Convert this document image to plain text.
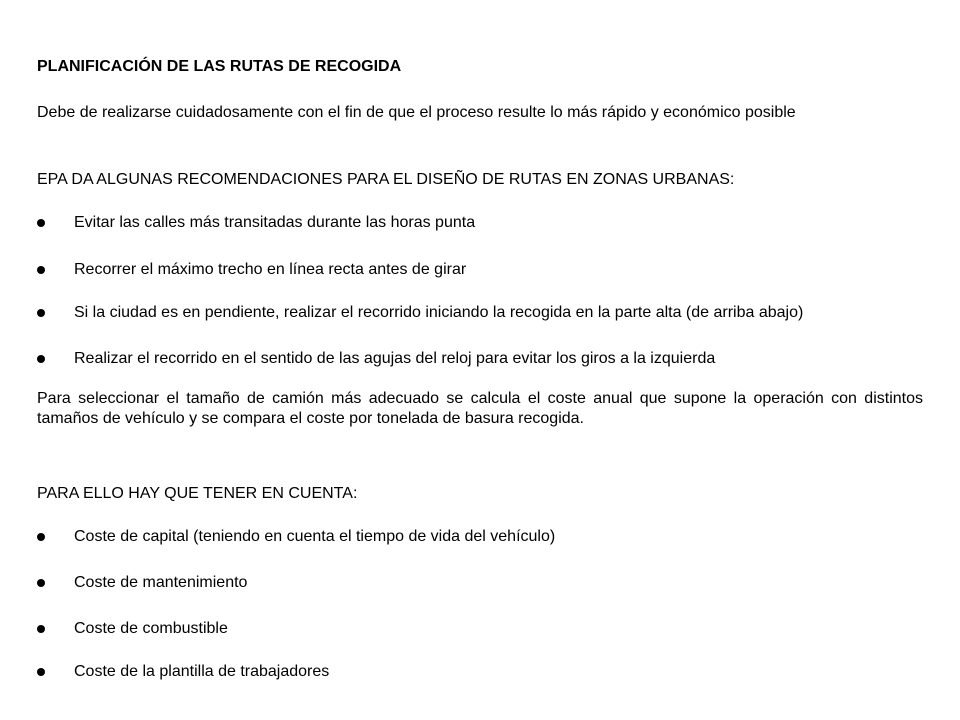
PLANIFICACIÓN DE LAS RUTAS DE RECOGIDA
Debe de realizarse cuidadosamente con el fin de que el proceso resulte lo más rápido y económico posible
EPA DA ALGUNAS RECOMENDACIONES PARA EL DISEÑO DE RUTAS EN ZONAS URBANAS:
Evitar las calles más transitadas durante las horas punta
Recorrer el máximo trecho en línea recta antes de girar
Si la ciudad es en pendiente, realizar el recorrido iniciando la recogida en la parte alta (de arriba abajo)
Realizar el recorrido en el sentido de las agujas del reloj para evitar los giros a la izquierda
Para seleccionar el tamaño de camión más adecuado se calcula el coste anual que supone la operación con distintos tamaños de vehículo y se compara el coste por tonelada de basura recogida.
PARA ELLO HAY QUE TENER EN CUENTA:
Coste de capital (teniendo en cuenta el tiempo de vida del vehículo)
Coste de mantenimiento
Coste de combustible
Coste de la plantilla de trabajadores
